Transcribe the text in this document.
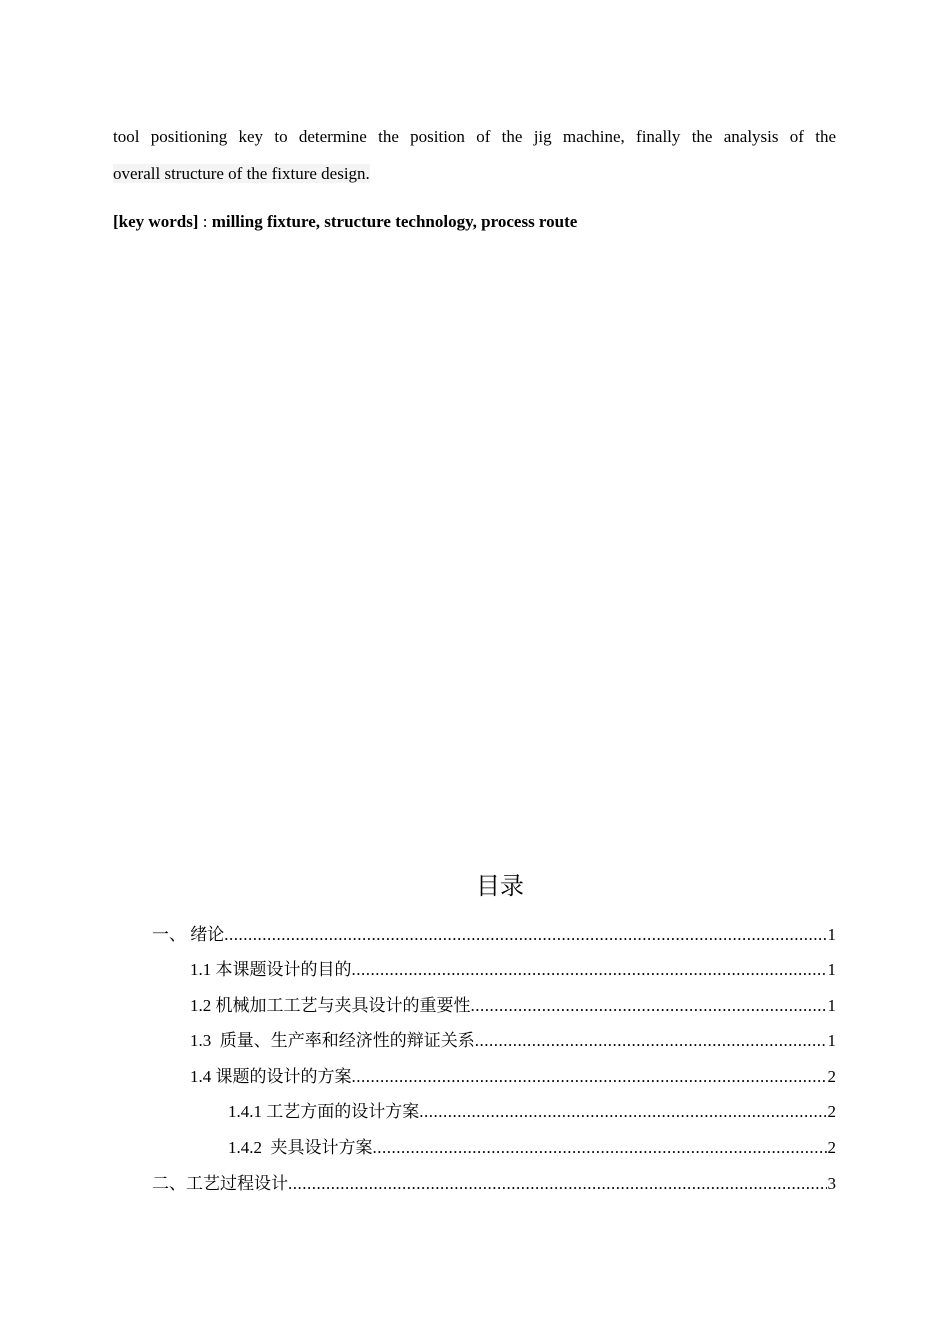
tool positioning key to determine the position of the jig machine, finally the analysis of the
overall structure of the fixture design.
[key words] : milling fixture, structure technology, process route
目录
一、 绪论 .....	1
1.1 本课题设计的目的 .....	1
1.2 机械加工工艺与夹具设计的重要性 .....	1
1.3  质量、生产率和经济性的辩证关系 .....	1
1.4 课题的设计的方案 .....	2
1.4.1 工艺方面的设计方案 .....	2
1.4.2  夹具设计方案 .....	2
二、工艺过程设计 .....	3
